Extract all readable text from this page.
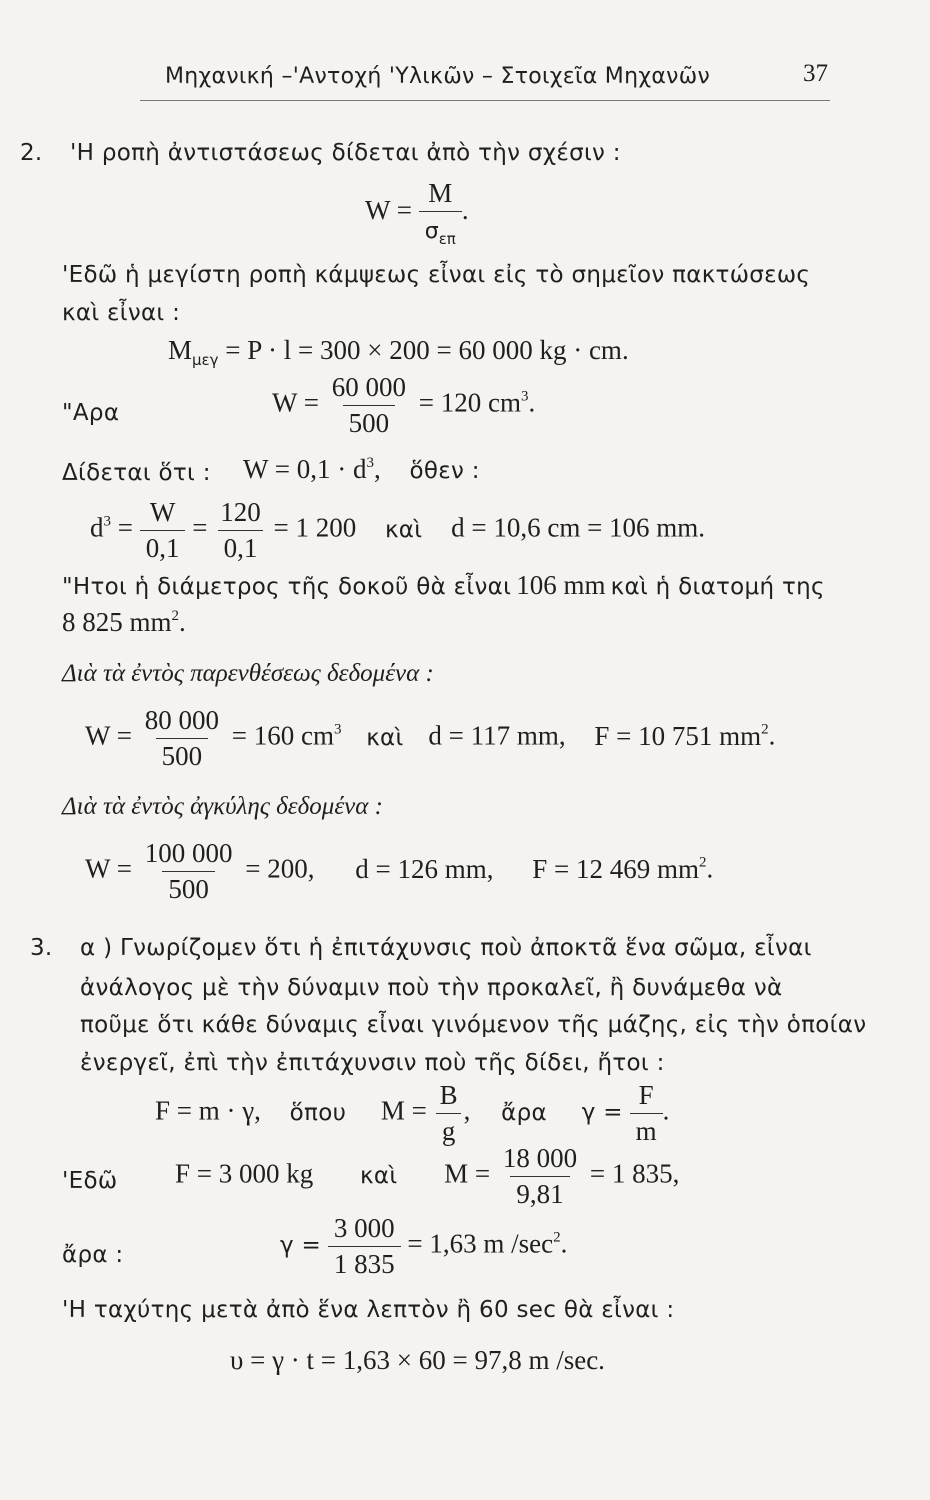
Μηχανική –'Αντοχή 'Υλικῶν – Στοιχεῖα Μηχανῶν	37
2. 'Η ροπὴ ἀντιστάσεως δίδεται ἀπὸ τὴν σχέσιν :
$W = \frac{M}{\sigma_{\varepsilon\pi}}$ .
'Εδῶ ἡ μεγίστη ροπὴ κάμψεως εἶναι εἰς τὸ σημεῖον πακτώσεως
καὶ εἶναι :
$M_{\mu\varepsilon\gamma} = P \cdot l = 300 \times 200 = 60$ 000 kg · cm.
"Αρα	$W = \frac{60 000}{500} = 120$ $cm^3$.
Δίδεται ὅτι : $W = 0,1 \cdot d^3$, ὅθεν :
$d^3 = \frac{W}{0,1} = \frac{120}{0,1} = 1$ 200 καὶ d = 10,6 cm = 106 mm.
"Ητοι ἡ διάμετρος τῆς δοκοῦ θὰ εἶναι 106 mm καὶ ἡ διατομή της
8 825 $mm^2$.
Διὰ τὰ ἐντὸς παρενθέσεως δεδομένα :
$W = \frac{80 000}{500} = 160$ $cm^3$ καὶ d = 117 mm, F = 10 751 $mm^2$.
Διὰ τὰ ἐντὸς ἀγκύλης δεδομένα :
$W = \frac{100 000}{500} = 200$, d = 126 mm, F = 12 469 $mm^2$.
3. α ) Γνωρίζομεν ὅτι ἡ ἐπιτάχυνσις ποὺ ἀποκτᾶ ἕνα σῶμα, εἶναι
ἀνάλογος μὲ τὴν δύναμιν ποὺ τὴν προκαλεῖ, ἢ δυνάμεθα νὰ
ποῦμε ὅτι κάθε δύναμις εἶναι γινόμενον τῆς μάζης, εἰς τὴν ὁποίαν
ἐνεργεῖ, ἐπὶ τὴν ἐπιτάχυνσιν ποὺ τῆς δίδει, ἤτοι :
F = m · γ, ὅπου $M = \frac{B}{g}$ , ἄρα $\gamma = \frac{F}{m}$ .
'Εδῶ F = 3 000 kg καὶ $M = \frac{18 000}{9,81} = 1$ 835,
ἄρα :	$\gamma = \frac{3 000}{1 835} = 1,63$ m $/\sec^2$.
'Η ταχύτης μετὰ ἀπὸ ἕνα λεπτὸν ἢ 60 sec θὰ εἶναι :
υ = γ · t = 1,63 × 60 = 97,8 m /sec.
